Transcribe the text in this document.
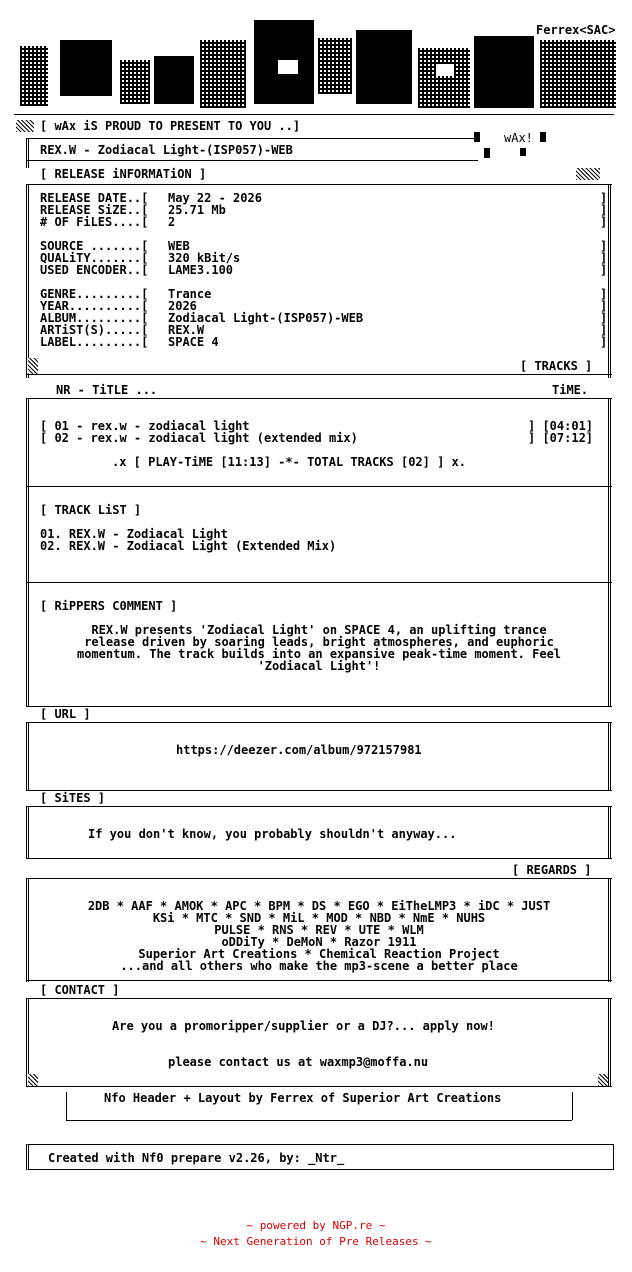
Ferrex<SAC>
[ wAx iS PROUD TO PRESENT TO YOU ..]
wAx!
REX.W - Zodiacal Light-(ISP057)-WEB
[ RELEASE iNFORMATiON ]
RELEASE DATE..[ May 22 - 2026
RELEASE SiZE..[ 25.71 Mb
# OF FiLES....[ 2
SOURCE .......[ WEB
QUALiTY.......[ 320 kBit/s
USED ENCODER..[ LAME3.100
GENRE.........[ Trance
YEAR..........[ 2026
ALBUM.........[ Zodiacal Light-(ISP057)-WEB
ARTiST(S).....[ REX.W
LABEL.........[ SPACE 4
]
]
]

]
]
]

]
]
]
]
]
[ TRACKS ]
NR - TiTLE ...	TiME.
[ 01 - rex.w - zodiacal light	] [04:01]
[ 02 - rex.w - zodiacal light (extended mix)	] [07:12]
.x [ PLAY-TiME [11:13] -*- TOTAL TRACKS [02] ] x.
[ TRACK LiST ]
01. REX.W - Zodiacal Light
02. REX.W - Zodiacal Light (Extended Mix)
[ RiPPERS C0MMENT ]
REX.W presents 'Zodiacal Light' on SPACE 4, an uplifting trance
release driven by soaring leads, bright atmospheres, and euphoric
momentum. The track builds into an expansive peak-time moment. Feel
'Zodiacal Light'!
[ URL ]
https://deezer.com/album/972157981
[ SiTES ]
If you don't know, you probably shouldn't anyway...
[ REGARDS ]
2DB * AAF * AMOK * APC * BPM * DS * EGO * EiTheLMP3 * iDC * JUST
KSi * MTC * SND * MiL * MOD * NBD * NmE * NUHS
PULSE * RNS * REV * UTE * WLM
oDDiTy * DeMoN * Razor 1911
Superior Art Creations * Chemical Reaction Project
...and all others who make the mp3-scene a better place
[ CONTACT ]
Are you a promoripper/supplier or a DJ?... apply now!
please contact us at waxmp3@moffa.nu
Nfo Header + Layout by Ferrex of Superior Art Creations
Created with Nf0 prepare v2.26, by: _Ntr_
~ powered by NGP.re ~
~ Next Generation of Pre Releases ~
